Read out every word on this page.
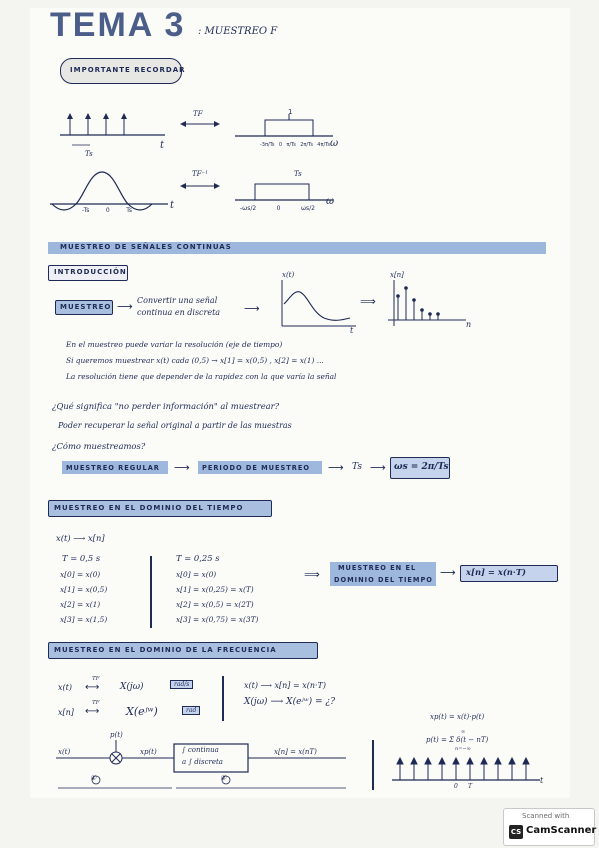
TEMA 3 : MUESTREO F
IMPORTANTE RECORDAR
Ts
t
TF	1
ω
-3π/Ts 0 π/Ts 2π/Ts 4π/Ts
-Ts	0	Ts	t
TF⁻¹	Ts
ω
-ωs/2	0	ωs/2
MUESTREO DE SEÑALES CONTINUAS
INTRODUCCIÓN
MUESTREO ⟶ Convertir una señal
continua en discreta ⟶
x(t)
t
⟹
x[n]
n
En el muestreo puede variar la resolución (eje de tiempo)
Si queremos muestrear x(t) cada (0,5) → x[1] = x(0,5) , x[2] = x(1) ...
La resolución tiene que depender de la rapidez con la que varía la señal
¿Qué significa "no perder información" al muestrear?
Poder recuperar la señal original a partir de las muestras
¿Cómo muestreamos?
MUESTREO REGULAR ⟶ PERIODO DE MUESTREO ⟶ Ts ⟶ ωs = 2π/Ts
MUESTREO EN EL DOMINIO DEL TIEMPO
x(t) ⟶ x[n]
T = 0,5 s
x[0] = x(0)
x[1] = x(0,5)
x[2] = x(1)
x[3] = x(1,5)
T = 0,25 s
x[0] = x(0)
x[1] = x(0,25) = x(T)
x[2] = x(0,5) = x(2T)
x[3] = x(0,75) = x(3T)
⟹	MUESTREO EN EL
DOMINIO DEL TIEMPO
⟶ x[n] = x(n·T)
MUESTREO EN EL DOMINIO DE LA FRECUENCIA
x(t) ⟷
TF
X(jω)	rad/s
x[n] ⟷
TF
X(eʲʷ)	rad
x(t) ⟶ x[n] = x(n·T)
X(jω) ⟶ X(eʲʷ) = ¿?
xp(t) = x(t)·p(t)
p(t) = Σ δ(t − nT)
∞
n=−∞
x(t)
p(t)
xp(t)	∫ continua
a ∫ discreta
x[n] = x(nT)
①	②	t
0 T
Scanned with
CS CamScanner
